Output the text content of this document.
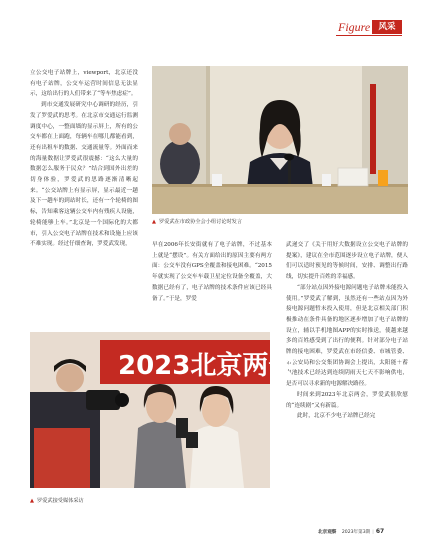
Figure 风采

立公交电子站牌上，viewport，北京还没有电子站牌，公交车运营时间信息无法显示，这给出行的人们带来了“等车焦虑症”。

到市交通发展研究中心调研的经历，引发了罗爱武的思考。在北京市交通运行监测调度中心，一整面墙的显示屏上，所有的公交车都在上面跑，每辆车在哪儿都能看到，还有出租车的数据、交通流量等。外面而来的海量数据让罗爱武很震撼：“这么大量的数据怎么服务于民众？”结合到国外出差的切身体验，罗爱武的思路逐渐清晰起来。“公交站牌上有显示屏，显示最近一趟及下一趟车的到站时长，还有一个轮椅的图标，告知乘客这辆公交车内有残疾人设施，轮椅能够上车。”北京是一个国际化的大都市，引入公交电子站牌在技术和设施上应该不难实现。经过仔细查询，罗爱武发现，

▲ 罗爱武在市政协全会小组讨论时发言

早在2006年长安街就有了电子站牌，不过基本上就是“摆设”。有关方面给出的原因主要有两方面：公交车没有GPS全覆盖和接电困难。“2015年就实现了公交车车载卫星定位设备全覆盖，大数据已经有了，电子站牌的技术条件应该已经具备了。”于是，罗爱

武递交了《关于用好大数据设立公交电子站牌的提案》，建议在全市范围逐步设立电子站牌，便人们可以适时预见的等候时间，安排、调整出行路线，切实提升百姓的幸福感。

“部分站点因外接电源问题电子站牌未能投入使用。”罗爱武了解到，虽然还有一些站点因为外接电源问题暂未投入使用，但是北京相关部门积极推动在条件具备的地区逐步增加了电子站牌的设立，辅以手机地图APP的实时推送，使越来越多的百姓感受到了出行的便利。针对部分电子站牌的接电困难，罗爱武在市经信委、市城管委、市公安局和公交集团协调会上提出，太阳能＋蓄电池技术已经达到连续阴雨天七天不影响供电，是否可以寻求新的电源解决路径。

时间来到2023年北京两会，罗爱武很欣慰的“连续剧”又有新篇。

此时，北京不少电子站牌已经完

2023北京两会
▲ 罗爱武接受媒体采访
北京观察 2023年第3期 | 67
